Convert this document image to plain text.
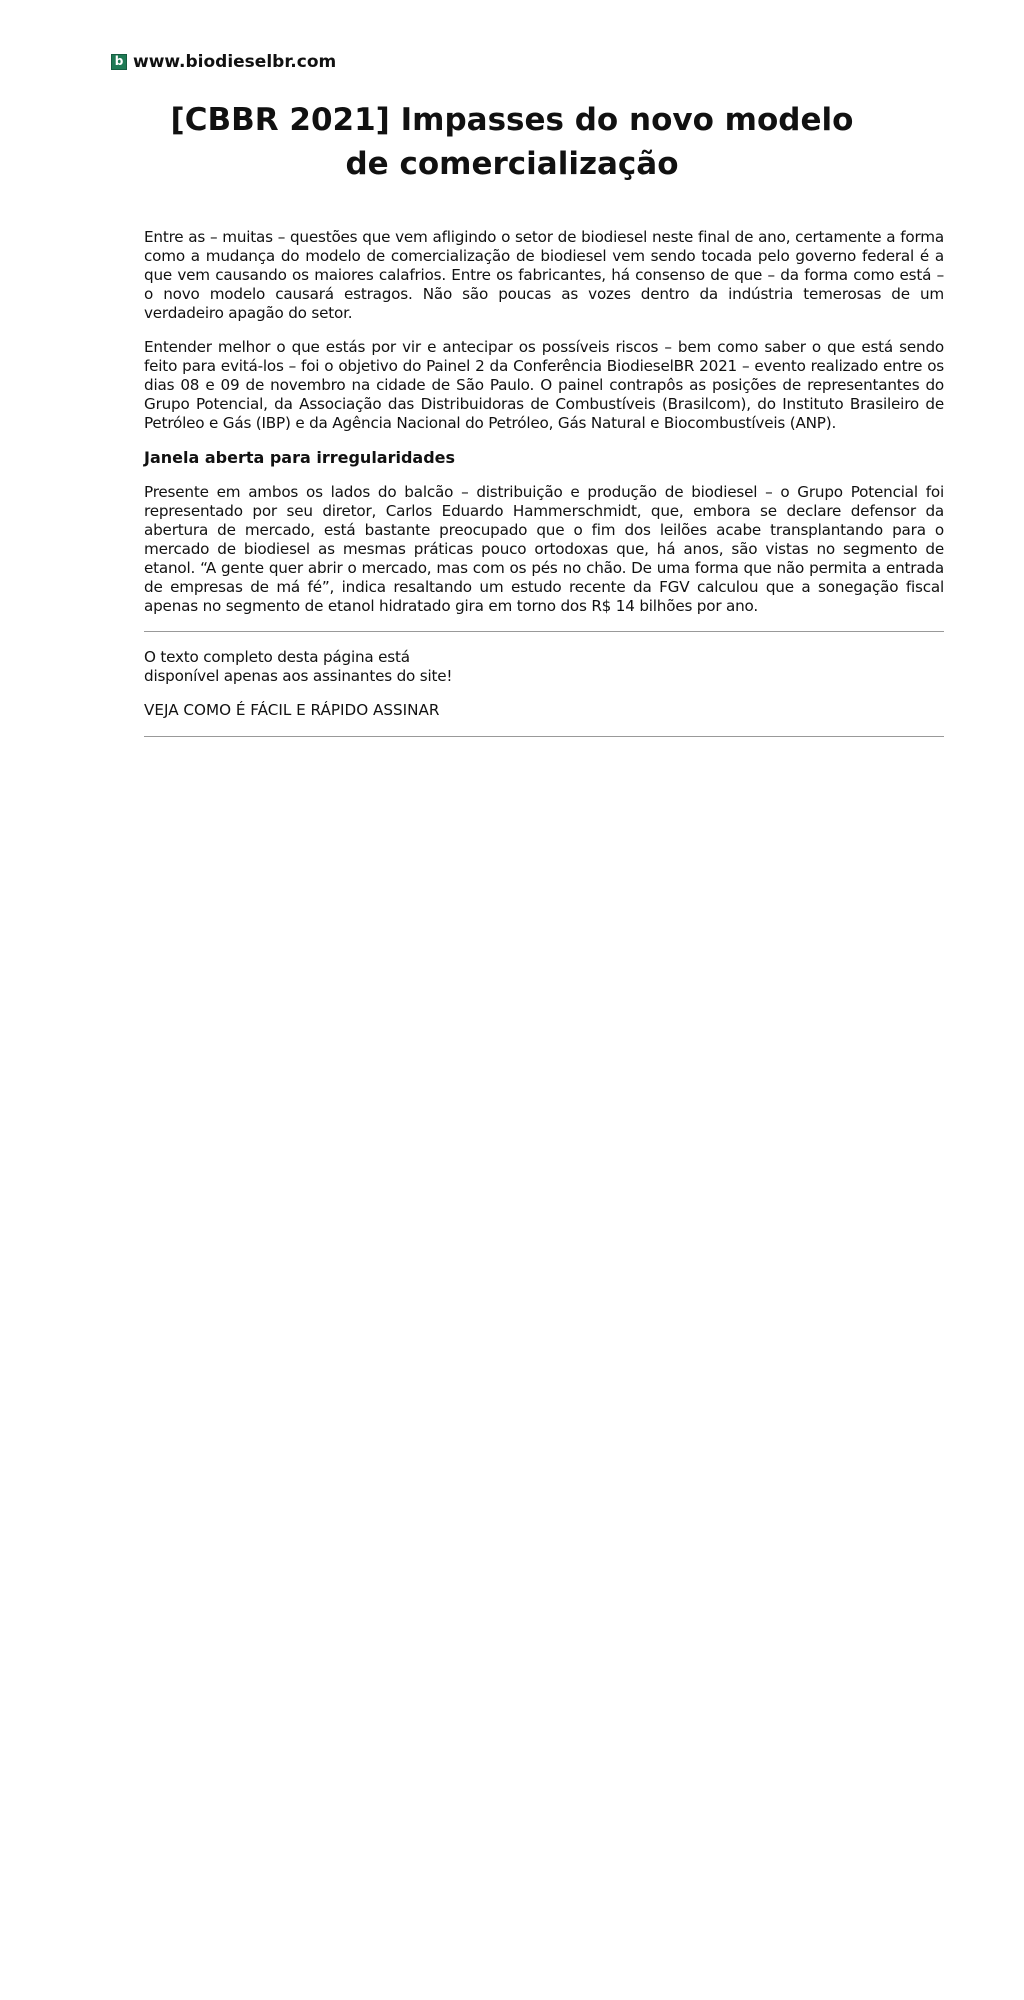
b www.biodieselbr.com
[CBBR 2021] Impasses do novo modelo de comercialização

Entre as – muitas – questões que vem afligindo o setor de biodiesel neste final de ano, certamente a forma como a mudança do modelo de comercialização de biodiesel vem sendo tocada pelo governo federal é a que vem causando os maiores calafrios. Entre os fabricantes, há consenso de que – da forma como está – o novo modelo causará estragos. Não são poucas as vozes dentro da indústria temerosas de um verdadeiro apagão do setor.

Entender melhor o que estás por vir e antecipar os possíveis riscos – bem como saber o que está sendo feito para evitá-los – foi o objetivo do Painel 2 da Conferência BiodieselBR 2021 – evento realizado entre os dias 08 e 09 de novembro na cidade de São Paulo. O painel contrapôs as posições de representantes do Grupo Potencial, da Associação das Distribuidoras de Combustíveis (Brasilcom), do Instituto Brasileiro de Petróleo e Gás (IBP) e da Agência Nacional do Petróleo, Gás Natural e Biocombustíveis (ANP).

Janela aberta para irregularidades

Presente em ambos os lados do balcão – distribuição e produção de biodiesel – o Grupo Potencial foi representado por seu diretor, Carlos Eduardo Hammerschmidt, que, embora se declare defensor da abertura de mercado, está bastante preocupado que o fim dos leilões acabe transplantando para o mercado de biodiesel as mesmas práticas pouco ortodoxas que, há anos, são vistas no segmento de etanol. “A gente quer abrir o mercado, mas com os pés no chão. De uma forma que não permita a entrada de empresas de má fé”, indica resaltando um estudo recente da FGV calculou que a sonegação fiscal apenas no segmento de etanol hidratado gira em torno dos R$ 14 bilhões por ano.

O texto completo desta página está disponível apenas aos assinantes do site!

VEJA COMO É FÁCIL E RÁPIDO ASSINAR
